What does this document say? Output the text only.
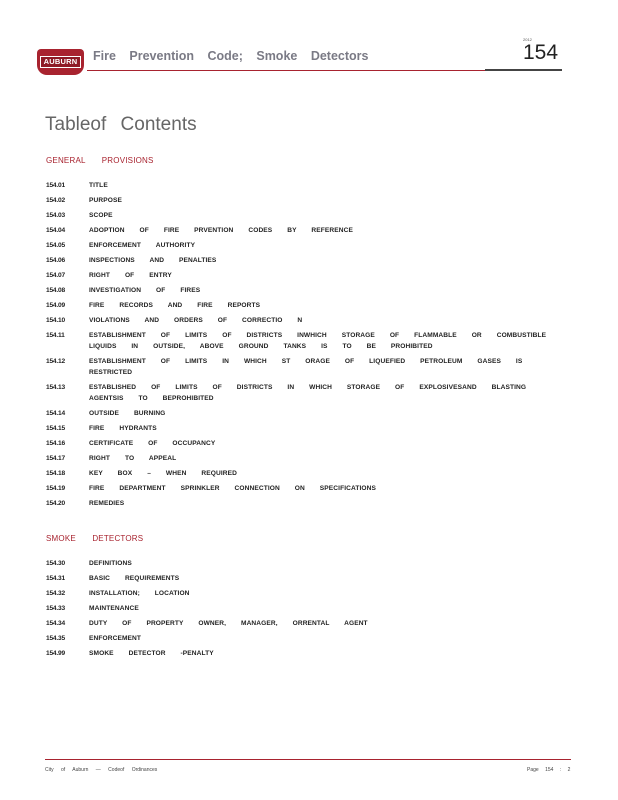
AUBURN Fire Prevention Code; Smoke Detectors
2012
154
Tableof Contents
GENERAL PROVISIONS
154.01	TITLE
154.02	PURPOSE
154.03	SCOPE
154.04	ADOPTION OF FIRE PRVENTION CODES BY REFERENCE
154.05	ENFORCEMENT AUTHORITY
154.06	INSPECTIONS AND PENALTIES
154.07	RIGHT OF ENTRY
154.08	INVESTIGATION OF FIRES
154.09	FIRE RECORDS AND FIRE REPORTS
154.10	VIOLATIONS AND ORDERS OF CORRECTIO N
154.11	ESTABLISHMENT OF LIMITS OF DISTRICTS INWHICH STORAGE OF FLAMMABLE OR COMBUSTIBLE LIQUIDS IN OUTSIDE, ABOVE GROUND TANKS IS TO BE PROHIBITED
154.12	ESTABLISHMENT OF LIMITS IN WHICH ST ORAGE OF LIQUEFIED PETROLEUM GASES IS RESTRICTED
154.13	ESTABLISHED OF LIMITS OF DISTRICTS IN WHICH STORAGE OF EXPLOSIVESAND BLASTING AGENTSIS TO BEPROHIBITED
154.14	OUTSIDE BURNING
154.15	FIRE HYDRANTS
154.16	CERTIFICATE OF OCCUPANCY
154.17	RIGHT TO APPEAL
154.18	KEY BOX – WHEN REQUIRED
154.19	FIRE DEPARTMENT SPRINKLER CONNECTION ON SPECIFICATIONS
154.20	REMEDIES
SMOKE DETECTORS
154.30	DEFINITIONS
154.31	BASIC REQUIREMENTS
154.32	INSTALLATION; LOCATION
154.33	MAINTENANCE
154.34	DUTY OF PROPERTY OWNER, MANAGER, ORRENTAL AGENT
154.35	ENFORCEMENT
154.99	SMOKE DETECTOR -PENALTY
City of Auburn — Codeof Ordinances	Page 154 : 2
